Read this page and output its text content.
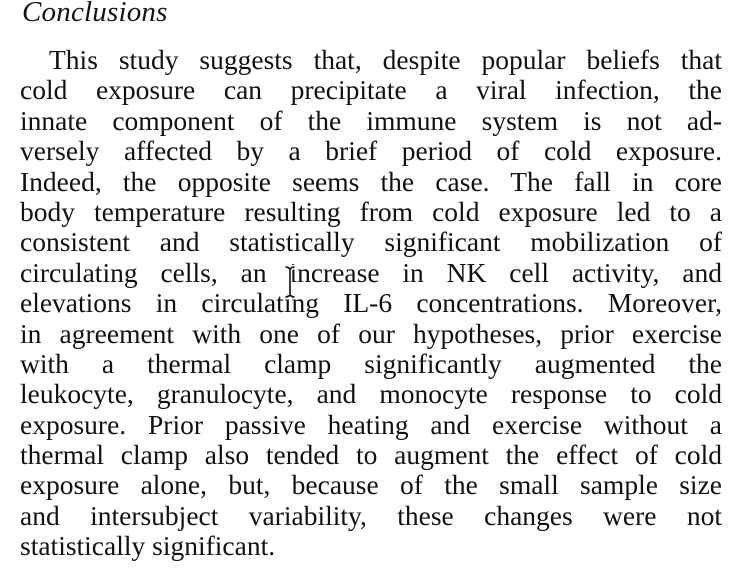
Conclusions
This study suggests that, despite popular beliefs that
cold exposure can precipitate a viral infection, the
innate component of the immune system is not ad-
versely affected by a brief period of cold exposure.
Indeed, the opposite seems the case. The fall in core
body temperature resulting from cold exposure led to a
consistent and statistically significant mobilization of
circulating cells, an increase in NK cell activity, and
elevations in circulating IL-6 concentrations. Moreover,
in agreement with one of our hypotheses, prior exercise
with a thermal clamp significantly augmented the
leukocyte, granulocyte, and monocyte response to cold
exposure. Prior passive heating and exercise without a
thermal clamp also tended to augment the effect of cold
exposure alone, but, because of the small sample size
and intersubject variability, these changes were not
statistically significant.
